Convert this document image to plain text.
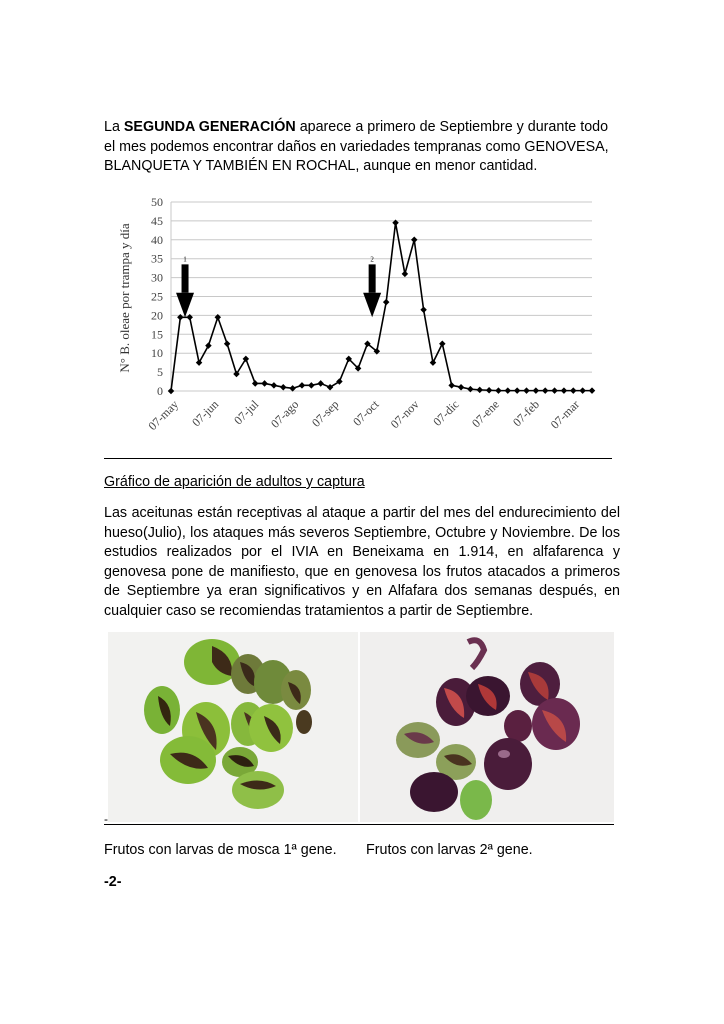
La SEGUNDA GENERACIÓN aparece a primero de Septiembre y durante todo
el mes podemos encontrar daños en variedades tempranas como GENOVESA,
BLANQUETA Y TAMBIÉN EN ROCHAL, aunque en menor cantidad.
0
5
10
15
20
25
30
35
40
45
50
07-may 07-jun 07-jul 07-ago 07-sep 07-oct 07-nov 07-dic 07-ene 07-feb 07-mar
1	2
N° B. oleae por trampa y día
Gráfico de aparición de adultos y captura
Las aceitunas están receptivas al ataque a partir del mes del endurecimiento del hueso(Julio), los ataques más severos Septiembre, Octubre y Noviembre. De los estudios realizados por el IVIA en Beneixama en 1.914, en alfafarenca y genovesa pone de manifiesto, que en genovesa los frutos atacados a primeros de Septiembre ya eran significativos y en Alfafara dos semanas después, en cualquier caso se recomiendas tratamientos a partir de Septiembre.
-
Frutos con larvas de mosca 1ª gene. Frutos con larvas 2ª gene.
-2-
